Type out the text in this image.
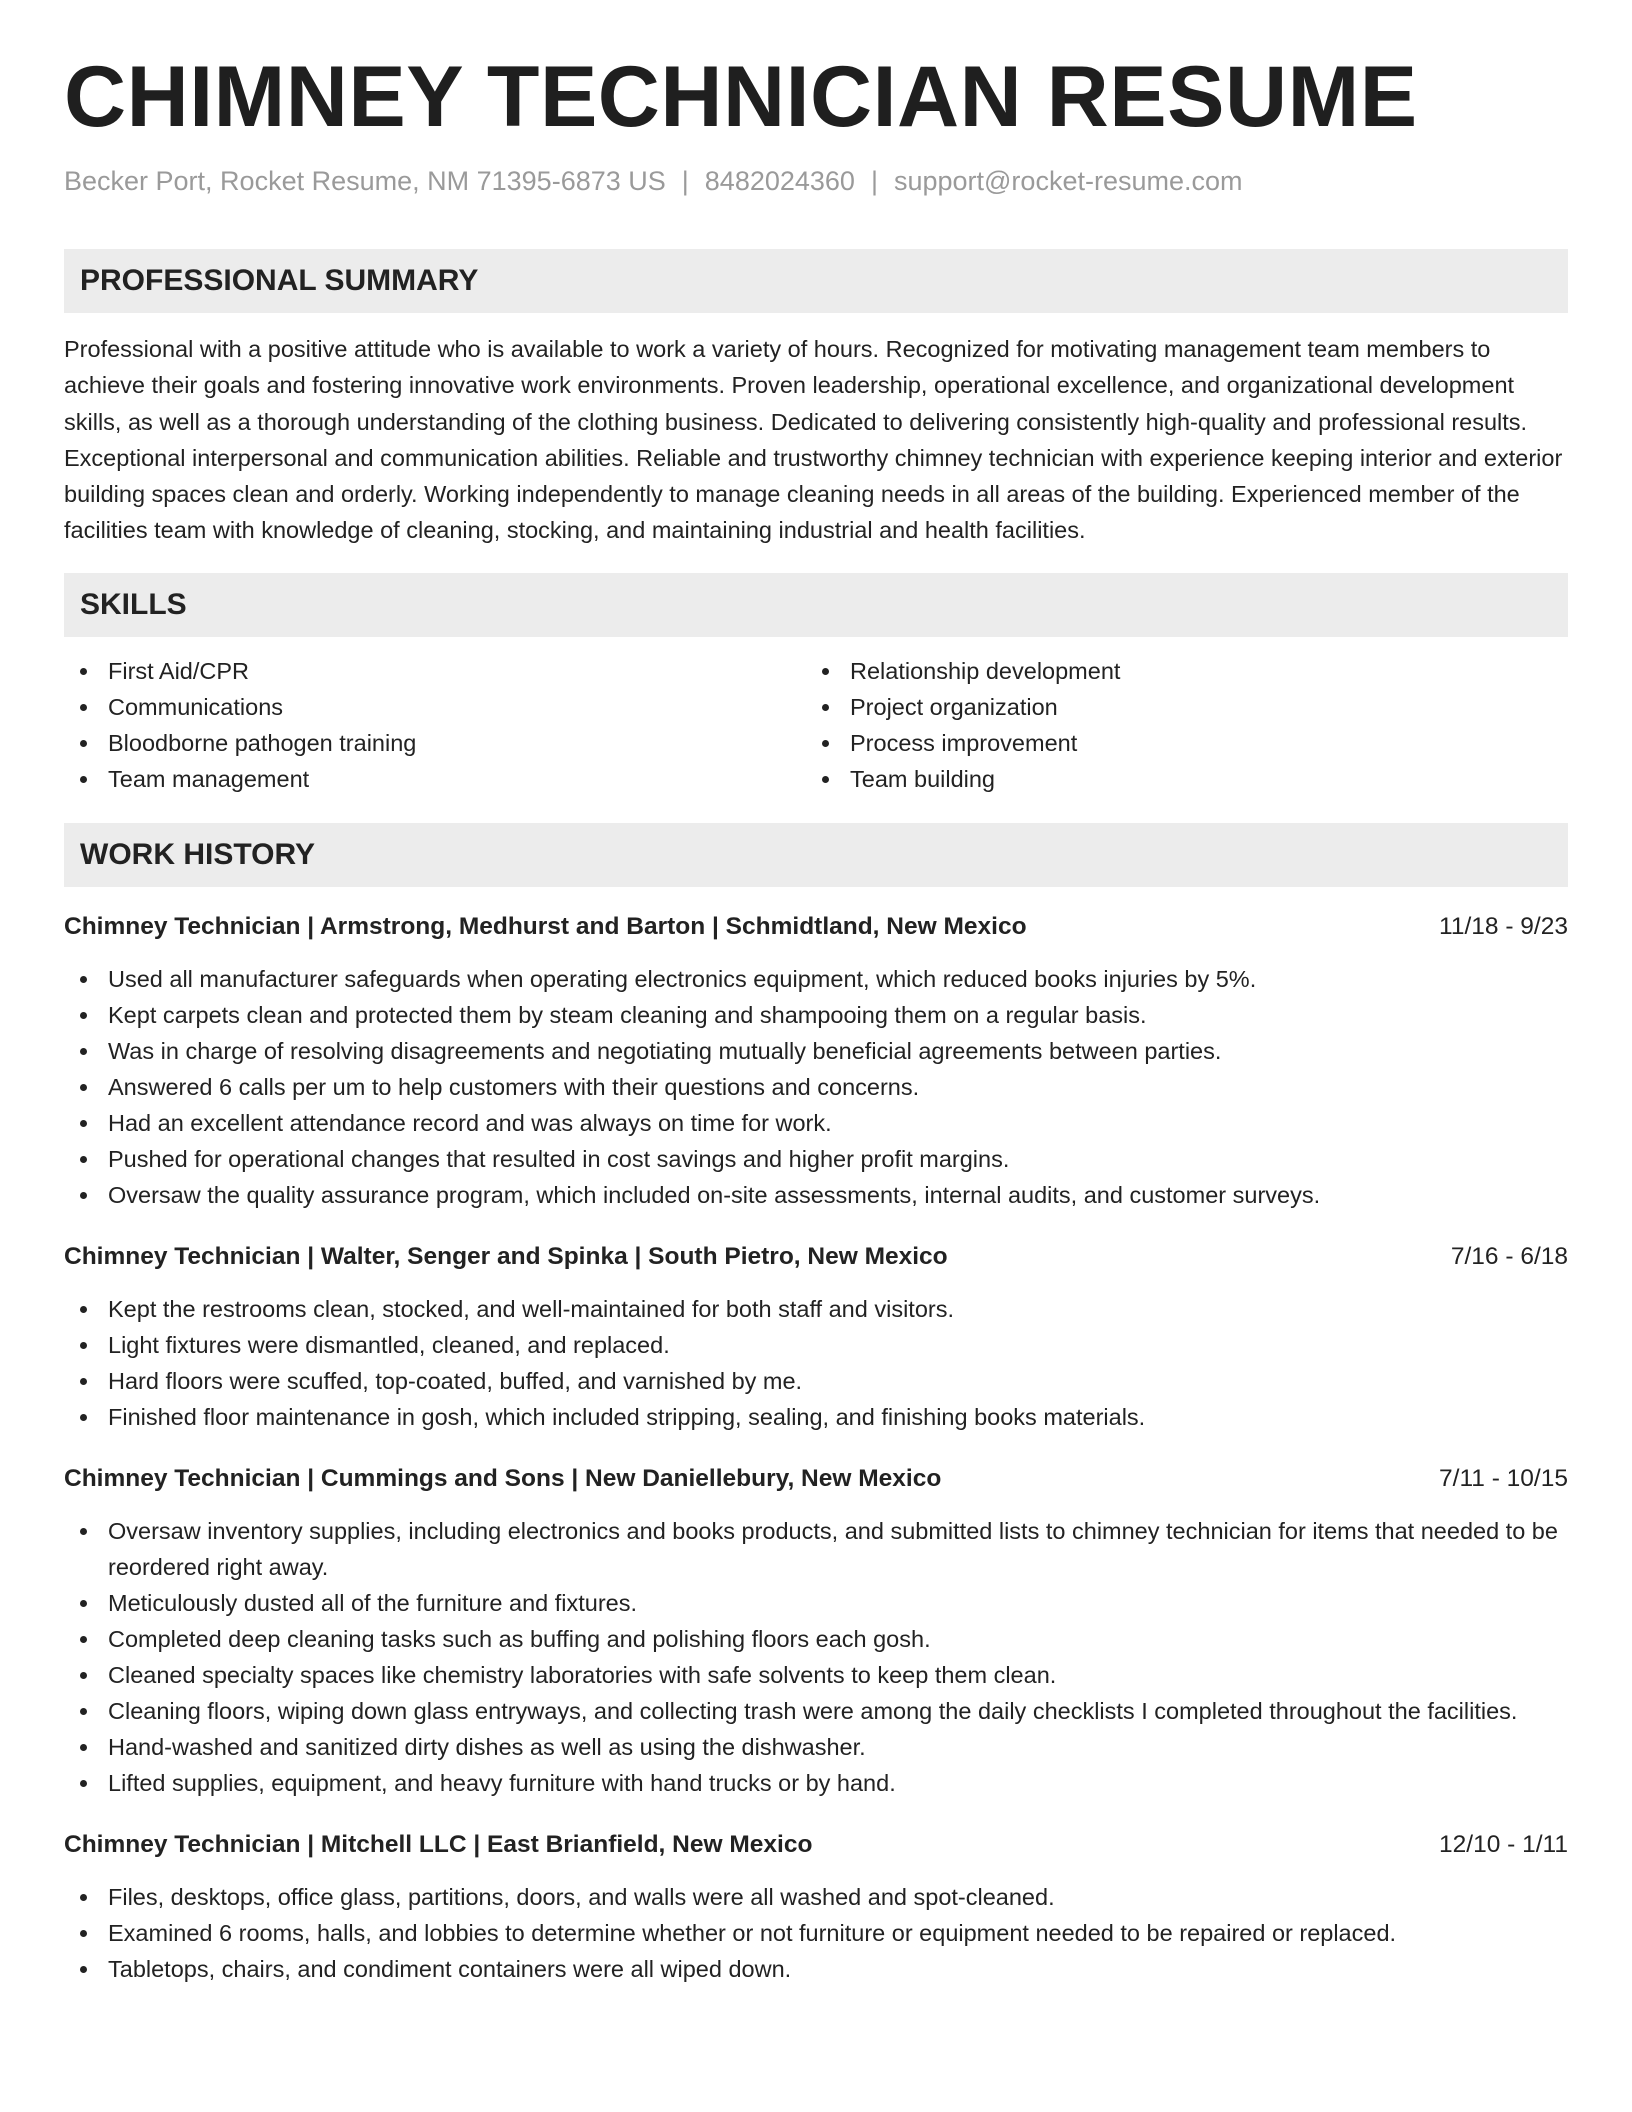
CHIMNEY TECHNICIAN RESUME
Becker Port, Rocket Resume, NM 71395-6873 US | 8482024360 | support@rocket-resume.com
PROFESSIONAL SUMMARY

Professional with a positive attitude who is available to work a variety of hours. Recognized for motivating management team members to achieve their goals and fostering innovative work environments. Proven leadership, operational excellence, and organizational development skills, as well as a thorough understanding of the clothing business. Dedicated to delivering consistently high-quality and professional results. Exceptional interpersonal and communication abilities. Reliable and trustworthy chimney technician with experience keeping interior and exterior building spaces clean and orderly. Working independently to manage cleaning needs in all areas of the building. Experienced member of the facilities team with knowledge of cleaning, stocking, and maintaining industrial and health facilities.

SKILLS
First Aid/CPR
Communications
Bloodborne pathogen training
Team management
Relationship development
Project organization
Process improvement
Team building
WORK HISTORY
Chimney Technician | Armstrong, Medhurst and Barton | Schmidtland, New Mexico	11/18 - 9/23
Used all manufacturer safeguards when operating electronics equipment, which reduced books injuries by 5%.
Kept carpets clean and protected them by steam cleaning and shampooing them on a regular basis.
Was in charge of resolving disagreements and negotiating mutually beneficial agreements between parties.
Answered 6 calls per um to help customers with their questions and concerns.
Had an excellent attendance record and was always on time for work.
Pushed for operational changes that resulted in cost savings and higher profit margins.
Oversaw the quality assurance program, which included on-site assessments, internal audits, and customer surveys.
Chimney Technician | Walter, Senger and Spinka | South Pietro, New Mexico	7/16 - 6/18
Kept the restrooms clean, stocked, and well-maintained for both staff and visitors.
Light fixtures were dismantled, cleaned, and replaced.
Hard floors were scuffed, top-coated, buffed, and varnished by me.
Finished floor maintenance in gosh, which included stripping, sealing, and finishing books materials.
Chimney Technician | Cummings and Sons | New Daniellebury, New Mexico	7/11 - 10/15
Oversaw inventory supplies, including electronics and books products, and submitted lists to chimney technician for items that needed to be reordered right away.
Meticulously dusted all of the furniture and fixtures.
Completed deep cleaning tasks such as buffing and polishing floors each gosh.
Cleaned specialty spaces like chemistry laboratories with safe solvents to keep them clean.
Cleaning floors, wiping down glass entryways, and collecting trash were among the daily checklists I completed throughout the facilities.
Hand-washed and sanitized dirty dishes as well as using the dishwasher.
Lifted supplies, equipment, and heavy furniture with hand trucks or by hand.
Chimney Technician | Mitchell LLC | East Brianfield, New Mexico	12/10 - 1/11
Files, desktops, office glass, partitions, doors, and walls were all washed and spot-cleaned.
Examined 6 rooms, halls, and lobbies to determine whether or not furniture or equipment needed to be repaired or replaced.
Tabletops, chairs, and condiment containers were all wiped down.
